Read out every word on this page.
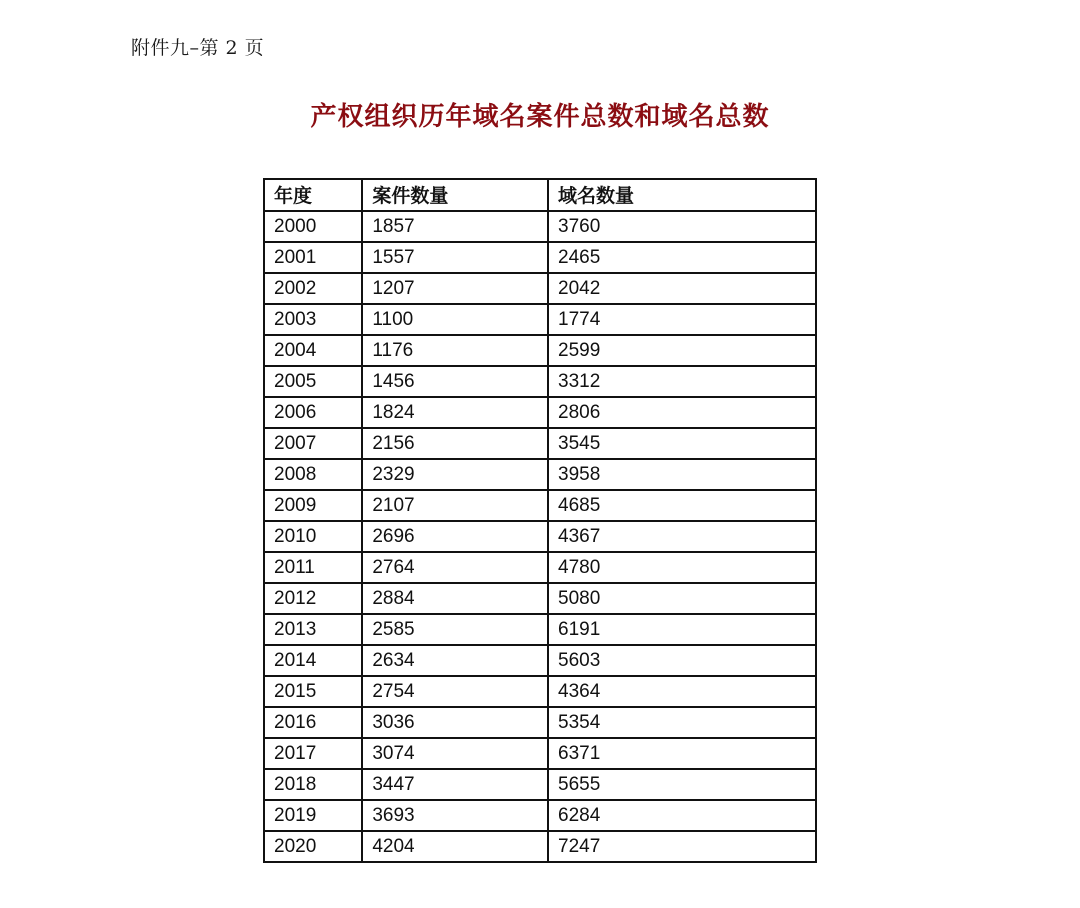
附件九–第 2 页
产权组织历年域名案件总数和域名总数
年度	案件数量	域名数量
2000	1857	3760
2001	1557	2465
2002	1207	2042
2003	1100	1774
2004	1176	2599
2005	1456	3312
2006	1824	2806
2007	2156	3545
2008	2329	3958
2009	2107	4685
2010	2696	4367
2011	2764	4780
2012	2884	5080
2013	2585	6191
2014	2634	5603
2015	2754	4364
2016	3036	5354
2017	3074	6371
2018	3447	5655
2019	3693	6284
2020	4204	7247
